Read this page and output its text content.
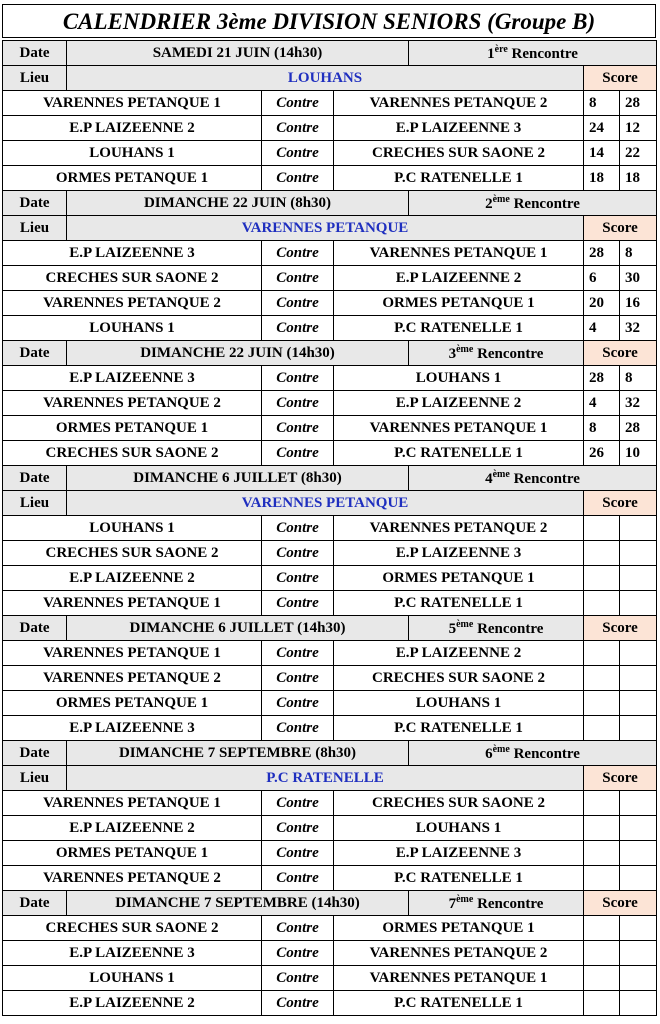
CALENDRIER 3ème DIVISION SENIORS (Groupe B)
Date	SAMEDI 21 JUIN (14h30)			1ère Rencontre		
Lieu	LOUHANS				Score	
VARENNES PETANQUE 1		Contre	VARENNES PETANQUE 2		8	28
E.P LAIZEENNE 2		Contre	E.P LAIZEENNE 3		24	12
LOUHANS 1		Contre	CRECHES SUR SAONE 2		14	22
ORMES PETANQUE 1		Contre	P.C RATENELLE 1		18	18
Date	DIMANCHE 22 JUIN (8h30)			2ème Rencontre		
Lieu	VARENNES PETANQUE				Score	
E.P LAIZEENNE 3		Contre	VARENNES PETANQUE 1		28	8
CRECHES SUR SAONE 2		Contre	E.P LAIZEENNE 2		6	30
VARENNES PETANQUE 2		Contre	ORMES PETANQUE 1		20	16
LOUHANS 1		Contre	P.C RATENELLE 1		4	32
Date	DIMANCHE 22 JUIN (14h30)			3ème Rencontre	Score	
E.P LAIZEENNE 3		Contre	LOUHANS 1		28	8
VARENNES PETANQUE 2		Contre	E.P LAIZEENNE 2		4	32
ORMES PETANQUE 1		Contre	VARENNES PETANQUE 1		8	28
CRECHES SUR SAONE 2		Contre	P.C RATENELLE 1		26	10
Date	DIMANCHE 6 JUILLET (8h30)			4ème Rencontre		
Lieu	VARENNES PETANQUE				Score	
LOUHANS 1		Contre	VARENNES PETANQUE 2			
CRECHES SUR SAONE 2		Contre	E.P LAIZEENNE 3			
E.P LAIZEENNE 2		Contre	ORMES PETANQUE 1			
VARENNES PETANQUE 1		Contre	P.C RATENELLE 1			
Date	DIMANCHE 6 JUILLET (14h30)			5ème Rencontre	Score	
VARENNES PETANQUE 1		Contre	E.P LAIZEENNE 2			
VARENNES PETANQUE 2		Contre	CRECHES SUR SAONE 2			
ORMES PETANQUE 1		Contre	LOUHANS 1			
E.P LAIZEENNE 3		Contre	P.C RATENELLE 1			
Date	DIMANCHE 7 SEPTEMBRE (8h30)			6ème Rencontre		
Lieu	P.C RATENELLE				Score	
VARENNES PETANQUE 1		Contre	CRECHES SUR SAONE 2			
E.P LAIZEENNE 2		Contre	LOUHANS 1			
ORMES PETANQUE 1		Contre	E.P LAIZEENNE 3			
VARENNES PETANQUE 2		Contre	P.C RATENELLE 1			
Date	DIMANCHE 7 SEPTEMBRE (14h30)			7ème Rencontre	Score	
CRECHES SUR SAONE 2		Contre	ORMES PETANQUE 1			
E.P LAIZEENNE 3		Contre	VARENNES PETANQUE 2			
LOUHANS 1		Contre	VARENNES PETANQUE 1			
E.P LAIZEENNE 2		Contre	P.C RATENELLE 1			
